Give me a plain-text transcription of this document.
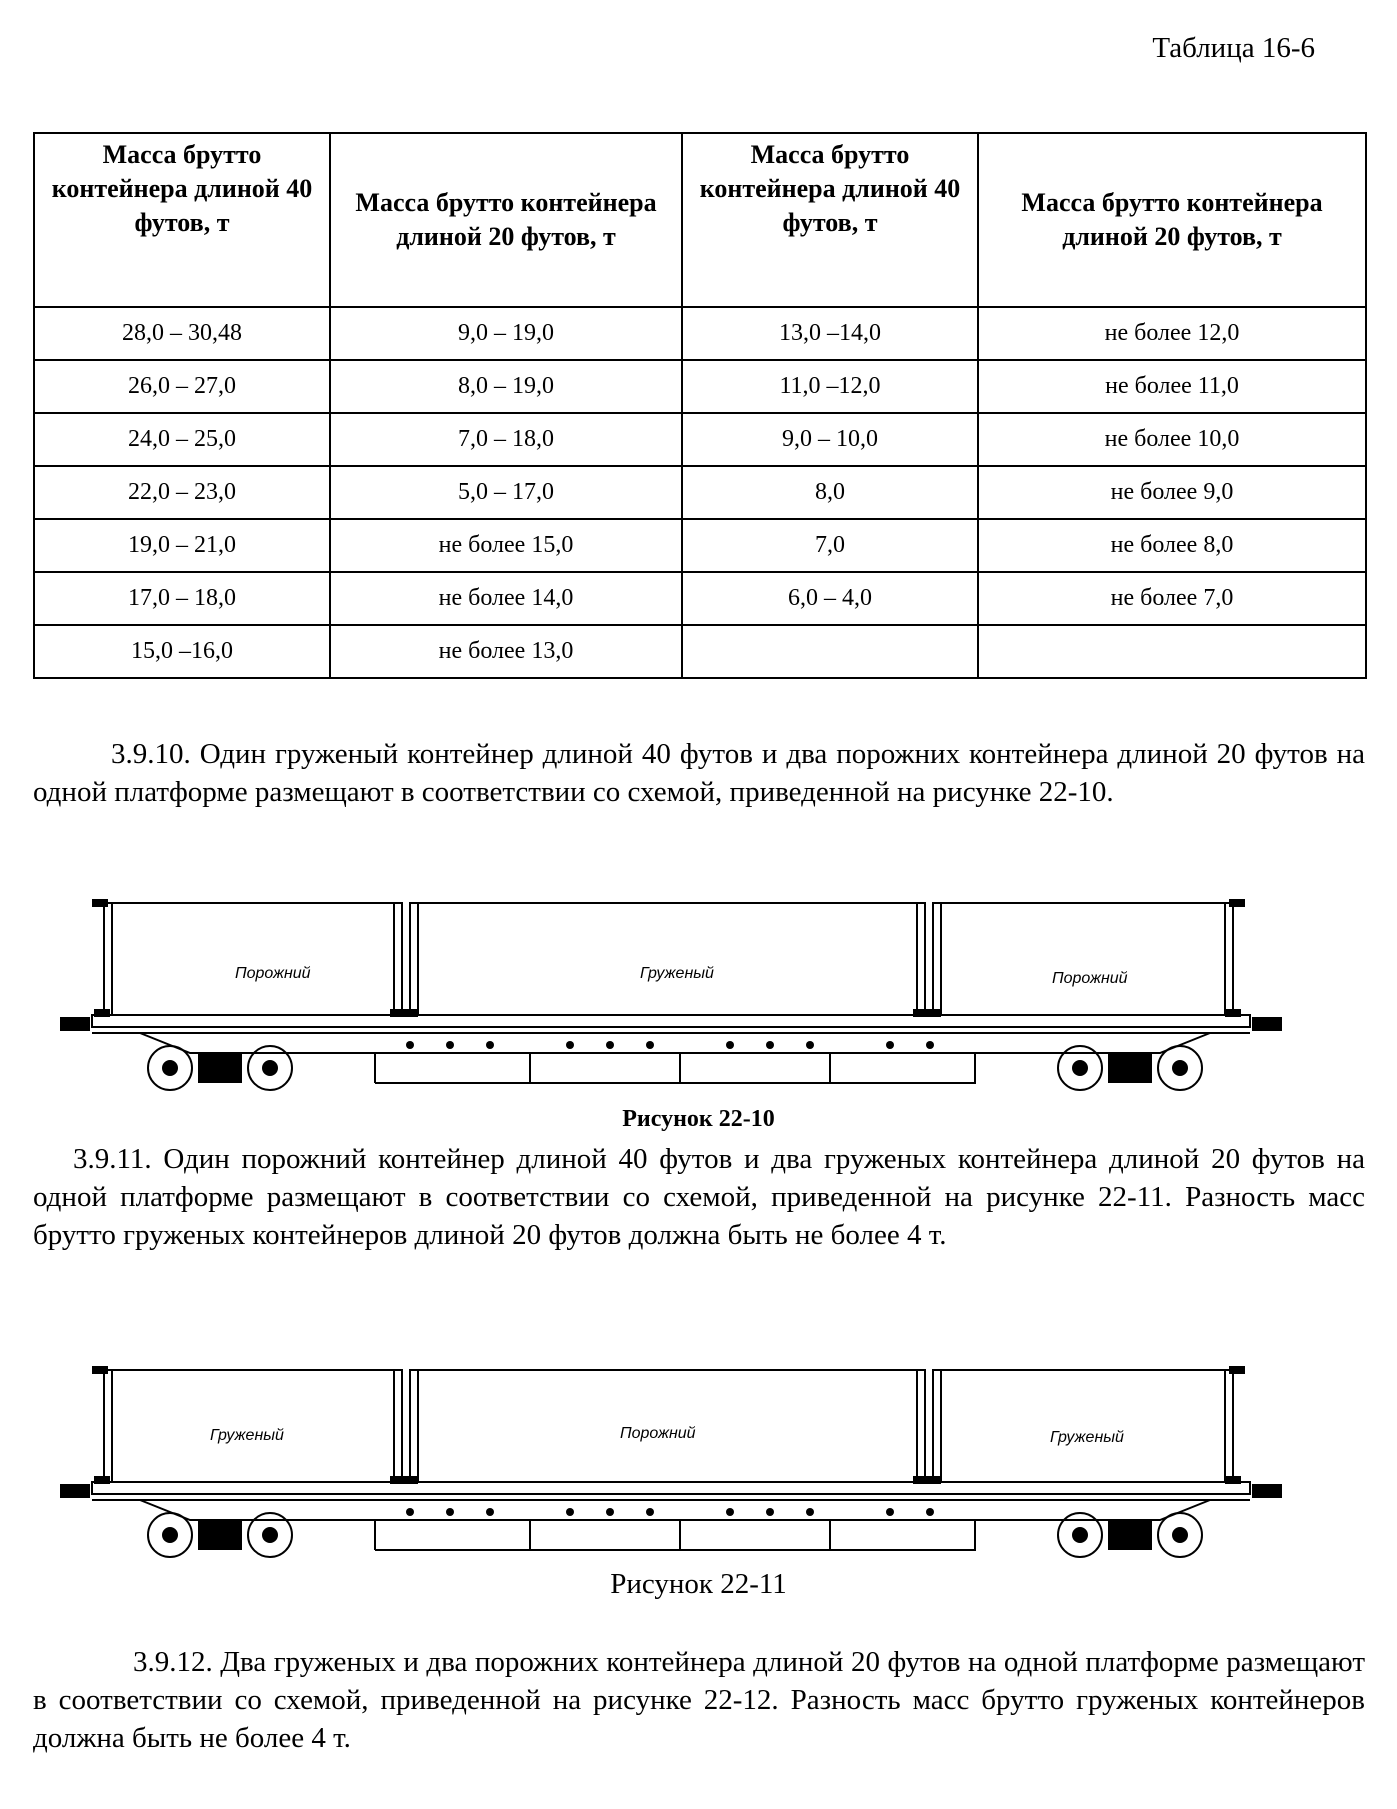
Таблица 16-6
Масса брутто контейнера длиной 40 футов, т	Масса брутто контейнера длиной 20 футов, т	Масса брутто контейнера длиной 40 футов, т	Масса брутто контейнера длиной 20 футов, т
28,0 – 30,48	9,0 – 19,0	13,0 –14,0	не более 12,0
26,0 – 27,0	8,0 – 19,0	11,0 –12,0	не более 11,0
24,0 – 25,0	7,0 – 18,0	9,0 – 10,0	не более 10,0
22,0 – 23,0	5,0 – 17,0	8,0	не более 9,0
19,0 – 21,0	не более 15,0	7,0	не более 8,0
17,0 – 18,0	не более 14,0	6,0 – 4,0	не более 7,0
15,0 –16,0	не более 13,0		

3.9.10. Один груженый контейнер длиной 40 футов и два порожних контейнера длиной 20 футов на одной платформе размещают в соответствии со схемой, приведенной на рисунке 22-10.

Порожний	Груженый	Порожний
Рисунок 22-10

3.9.11. Один порожний контейнер длиной 40 футов и два груженых контейнера длиной 20 футов на одной платформе размещают в соответствии со схемой, приведенной на рисунке 22-11. Разность масс брутто груженых контейнеров длиной 20 футов должна быть не более 4 т.

Груженый	Порожний	Груженый
Рисунок 22-11

3.9.12. Два груженых и два порожних контейнера длиной 20 футов на одной платформе размещают в соответствии со схемой, приведенной на рисунке 22-12. Разность масс брутто груженых контейнеров должна быть не более 4 т.
